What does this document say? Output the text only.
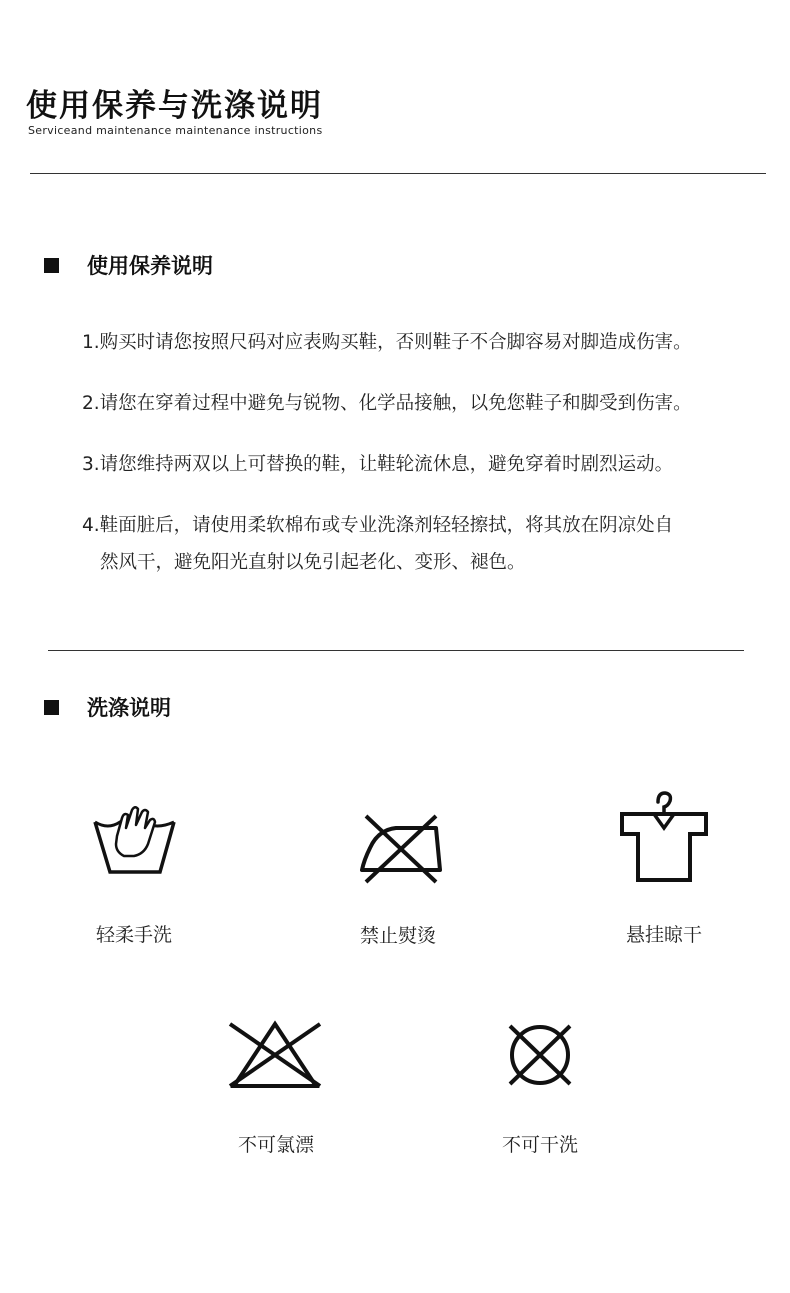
使用保养与洗涤说明
Serviceand maintenance maintenance instructions
使用保养说明
1.购买时请您按照尺码对应表购买鞋，否则鞋子不合脚容易对脚造成伤害。
2.请您在穿着过程中避免与锐物、化学品接触，以免您鞋子和脚受到伤害。
3.请您维持两双以上可替换的鞋，让鞋轮流休息，避免穿着时剧烈运动。
4.鞋面脏后，请使用柔软棉布或专业洗涤剂轻轻擦拭，将其放在阴凉处自
然风干，避免阳光直射以免引起老化、变形、褪色。
洗涤说明
轻柔手洗	禁止熨烫	悬挂晾干
不可氯漂	不可干洗
